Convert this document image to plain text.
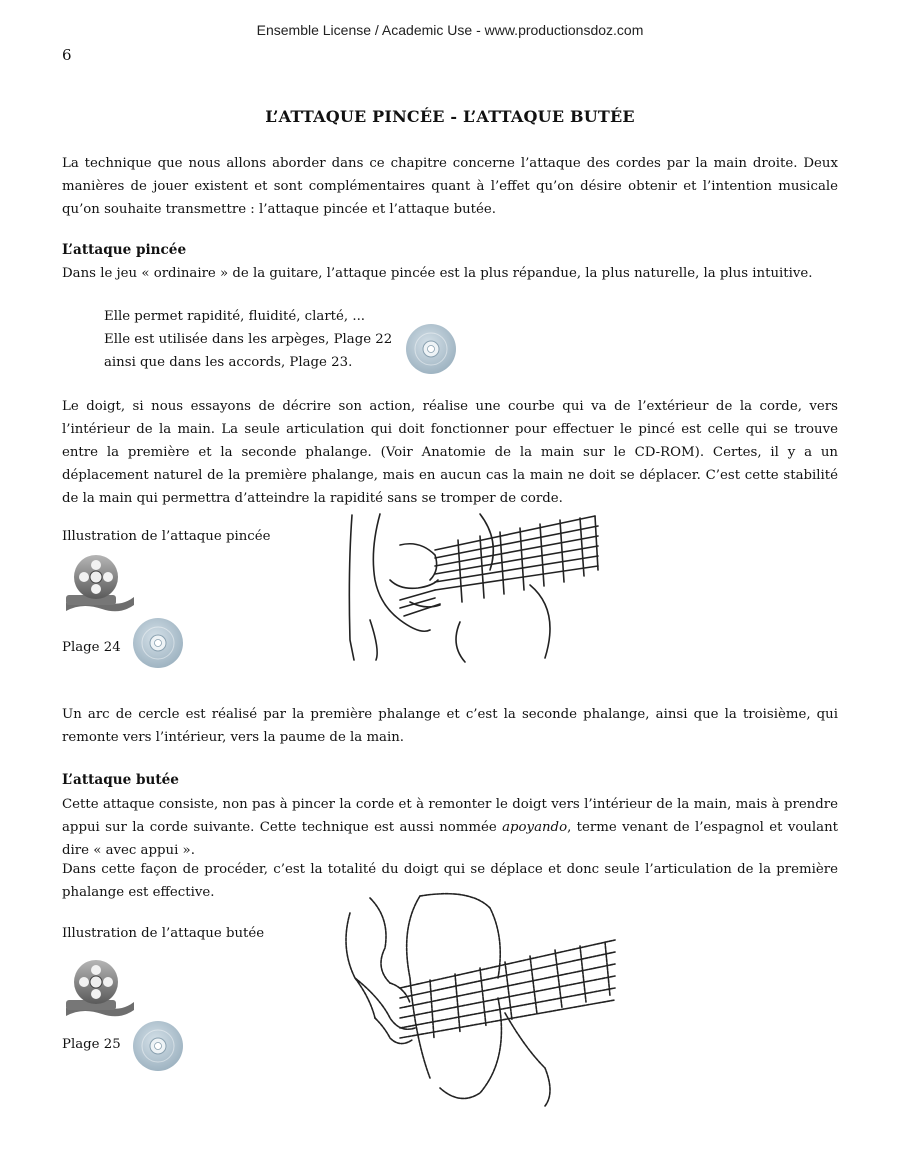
Ensemble License / Academic Use - www.productionsdoz.com
6
L’ATTAQUE PINCÉE - L’ATTAQUE BUTÉE
La technique que nous allons aborder dans ce chapitre concerne l’attaque des cordes par la main droite. Deux manières de jouer existent et sont complémentaires quant à l’effet qu’on désire obtenir et l’intention musicale qu’on souhaite transmettre : l’attaque pincée et l’attaque butée.
L’attaque pincée
Dans le jeu « ordinaire » de la guitare, l’attaque pincée est la plus répandue, la plus naturelle, la plus intuitive.
Elle permet rapidité, fluidité, clarté, ...
Elle est utilisée dans les arpèges, Plage 22
ainsi que dans les accords, Plage 23.
Le doigt, si nous essayons de décrire son action, réalise une courbe qui va de l’extérieur de la corde, vers l’intérieur de la main. La seule articulation qui doit fonctionner pour effectuer le pincé est celle qui se trouve entre la première et la seconde phalange. (Voir Anatomie de la main sur le CD-ROM). Certes, il y a un déplacement naturel de la première phalange, mais en aucun cas la main ne doit se déplacer. C’est cette stabilité de la main qui permettra d’atteindre la rapidité sans se tromper de corde.
Illustration de l’attaque pincée
Plage 24
Un arc de cercle est réalisé par la première phalange et c’est la seconde phalange, ainsi que la troisième, qui remonte vers l’intérieur, vers la paume de la main.
L’attaque butée
Cette attaque consiste, non pas à pincer la corde et à remonter le doigt vers l’intérieur de la main, mais à prendre appui sur la corde suivante. Cette technique est aussi nommée apoyando, terme venant de l’espagnol et voulant dire « avec appui ».
Dans cette façon de procéder, c’est la totalité du doigt qui se déplace et donc seule l’articulation de la première phalange est effective.
Illustration de l’attaque butée
Plage 25
